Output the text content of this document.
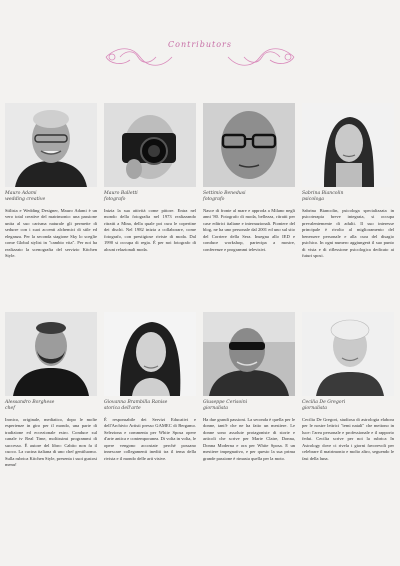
Contributors
Mauro Adami
wedding creative
Stilista e Wedding Designer, Mauro Adami è un vero total creative del matrimonio: una passione unita al suo carisma naturale gli permette di sedurre con i suoi accenti alchemici di stile ed eleganza. Per la seconda stagione Sky lo sceglie come Global stylist in "cambio vita". Per noi ha realizzato la scenografia del servizio Kitchen Style.
Mauro Balletti
fotografo
Inizia la sua attività come pittore. Entra nel mondo della fotografia nel 1973 realizzando ritratti a Mina, della quale poi cura le copertine dei dischi. Nel 1982 inizia a collaborare, come fotografo, con prestigiose riviste di moda. Dal 1990 si occupa di regia. È per noi fotografo di alcuni relazionali moda.
Settimio Benedusi
fotografo
Nasce di fronte al mare e approda a Milano negli anni '80. Fotografo di moda, bellezza, ritratti per case editrici italiane e internazionali. Pioniere del blog, ne ha uno personale dal 2001 ed uno sul sito del Corriere della Sera. Insegna allo IED e conduce workshop, partecipa a mostre, conferenze e programmi televisivi.
Sabrina Biancolin
psicologa
Sabrina Biancolin, psicologa specializzata in psicoterapia breve integrata, si occupa prevalentemente di adulti. Il suo interesse principale è rivolto al miglioramento del benessere personale e alla cura del disagio psichico. In ogni numero aggiungerà il suo punto di vista e di riflessione psicologica dedicato ai futuri sposi.
Alessandro Borghese
chef
Ironico, originale, mediatico, dopo le molte esperienze in giro per il mondo, una parte di tradizione ed eccezionale estro. Conduce sul canale tv Real Time, moltissimi programmi di successo. È autore del libro: Cabito non fa il cuoco. La cucina italiana di uno chef gentiluomo. Sulla rubrica Kitchen Style, presenta i suoi gustosi menu!
Giovanna Brambilla Ranise
storica dell'arte
È responsabile dei Servizi Educativi e dell'Archivio Artisti presso GAMEC di Bergamo. Seleziona e commenta per White Sposa opere d'arte antica e contemporanea. Di volta in volta, le opere vengono accostate perché possano innescare collegamenti inediti tra il tema della rivista e il mondo delle arti visive.
Giuseppe Cerisoini
giornalista
Ha due grandi passioni. La seconda è quella per le donne, tant'è che ne ha fatto un mestiere. Le donne sono assolute protagoniste di storie e articoli che scrive per Marie Claire, Donna, Donna Moderna e ora per White Sposa. E un mestiere impegnativo, e per questo la sua prima grande passione è rimasta quella per la moto.
Cecilia De Gregori
giornalista
Cecilia De Gregori, studiosa di astrologia elabora per le nostre lettrici "temi natali" che mettono in luce: l'area personale e professionale e il rapporto fedui. Cecilia scrive per noi la rubrica In Astrology dove ci rivela i giorni favorevoli per celebrare il matrimonio e molto altro, seguendo le fasi della luna.
